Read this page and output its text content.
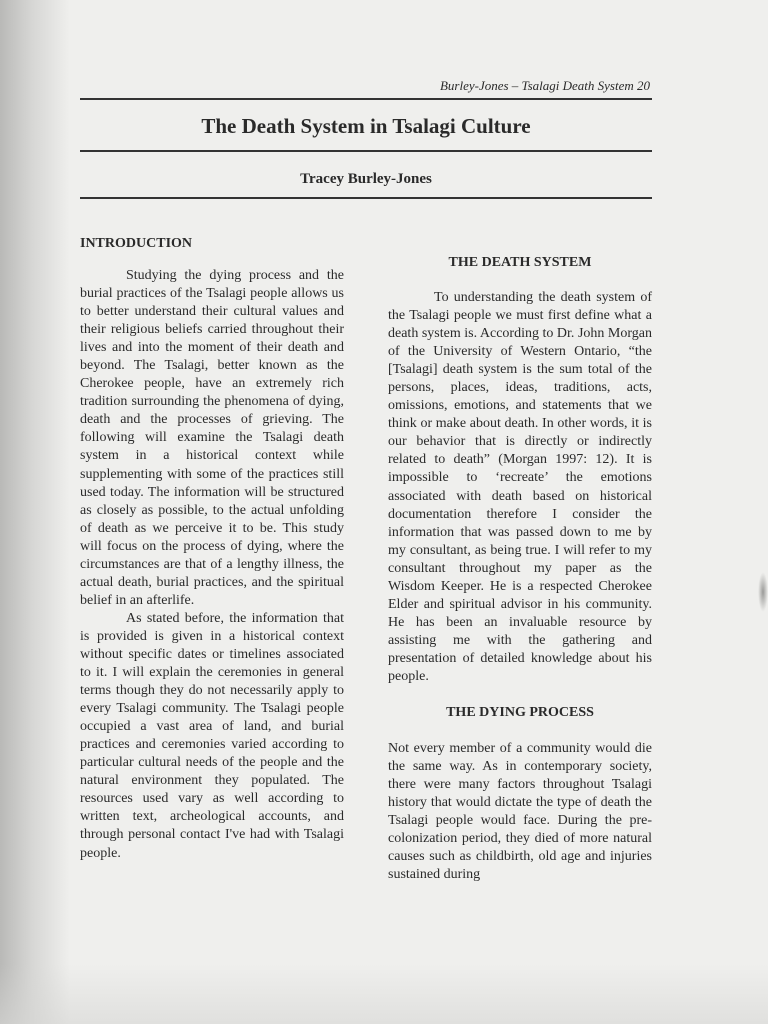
Burley-Jones – Tsalagi Death System 20
The Death System in Tsalagi Culture
Tracey Burley-Jones
INTRODUCTION

Studying the dying process and the burial practices of the Tsalagi people allows us to better understand their cultural values and their religious beliefs carried throughout their lives and into the moment of their death and beyond. The Tsalagi, better known as the Cherokee people, have an extremely rich tradition surrounding the phenomena of dying, death and the processes of grieving. The following will examine the Tsalagi death system in a historical context while supplementing with some of the practices still used today. The information will be structured as closely as possible, to the actual unfolding of death as we perceive it to be. This study will focus on the process of dying, where the circumstances are that of a lengthy illness, the actual death, burial practices, and the spiritual belief in an afterlife.

As stated before, the information that is provided is given in a historical context without specific dates or timelines associated to it. I will explain the ceremonies in general terms though they do not necessarily apply to every Tsalagi community. The Tsalagi people occupied a vast area of land, and burial practices and ceremonies varied according to particular cultural needs of the people and the natural environment they populated. The resources used vary as well according to written text, archeological accounts, and through personal contact I've had with Tsalagi people.

THE DEATH SYSTEM

To understanding the death system of the Tsalagi people we must first define what a death system is. According to Dr. John Morgan of the University of Western Ontario, “the [Tsalagi] death system is the sum total of the persons, places, ideas, traditions, acts, omissions, emotions, and statements that we think or make about death. In other words, it is our behavior that is directly or indirectly related to death” (Morgan 1997: 12). It is impossible to ‘recreate’ the emotions associated with death based on historical documentation therefore I consider the information that was passed down to me by my consultant, as being true. I will refer to my consultant throughout my paper as the Wisdom Keeper. He is a respected Cherokee Elder and spiritual advisor in his community. He has been an invaluable resource by assisting me with the gathering and presentation of detailed knowledge about his people.

THE DYING PROCESS

Not every member of a community would die the same way. As in contemporary society, there were many factors throughout Tsalagi history that would dictate the type of death the Tsalagi people would face. During the pre-colonization period, they died of more natural causes such as childbirth, old age and injuries sustained during
